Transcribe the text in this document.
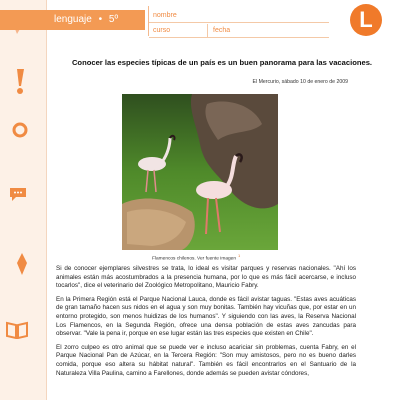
lenguaje • 5º básico
nombre
curso	fecha	L
Conocer las especies típicas de un país es un buen panorama para las vacaciones.
El Mercurio, sábado 10 de enero de 2009
Flamencos chilenos. Ver fuente imagen$^1$

Si de conocer ejemplares silvestres se trata, lo ideal es visitar parques y reservas nacionales. "Ahí los animales están más acostumbrados a la presencia humana, por lo que es más fácil acercarse, e incluso tocarlos", dice el veterinario del Zoológico Metropolitano, Mauricio Fabry.

En la Primera Región está el Parque Nacional Lauca, donde es fácil avistar taguas. "Estas aves acuáticas de gran tamaño hacen sus nidos en el agua y son muy bonitas. También hay vicuñas que, por estar en un entorno protegido, son menos huidizas de los humanos". Y siguiendo con las aves, la Reserva Nacional Los Flamencos, en la Segunda Región, ofrece una densa población de estas aves zancudas para observar. "Vale la pena ir, porque en ese lugar están las tres especies que existen en Chile".

El zorro culpeo es otro animal que se puede ver e incluso acariciar sin problemas, cuenta Fabry, en el Parque Nacional Pan de Azúcar, en la Tercera Región: "Son muy amistosos, pero no es bueno darles comida, porque eso altera su hábitat natural". También es fácil encontrarlos en el Santuario de la Naturaleza Villa Paulina, camino a Farellones, donde además se pueden avistar cóndores,
